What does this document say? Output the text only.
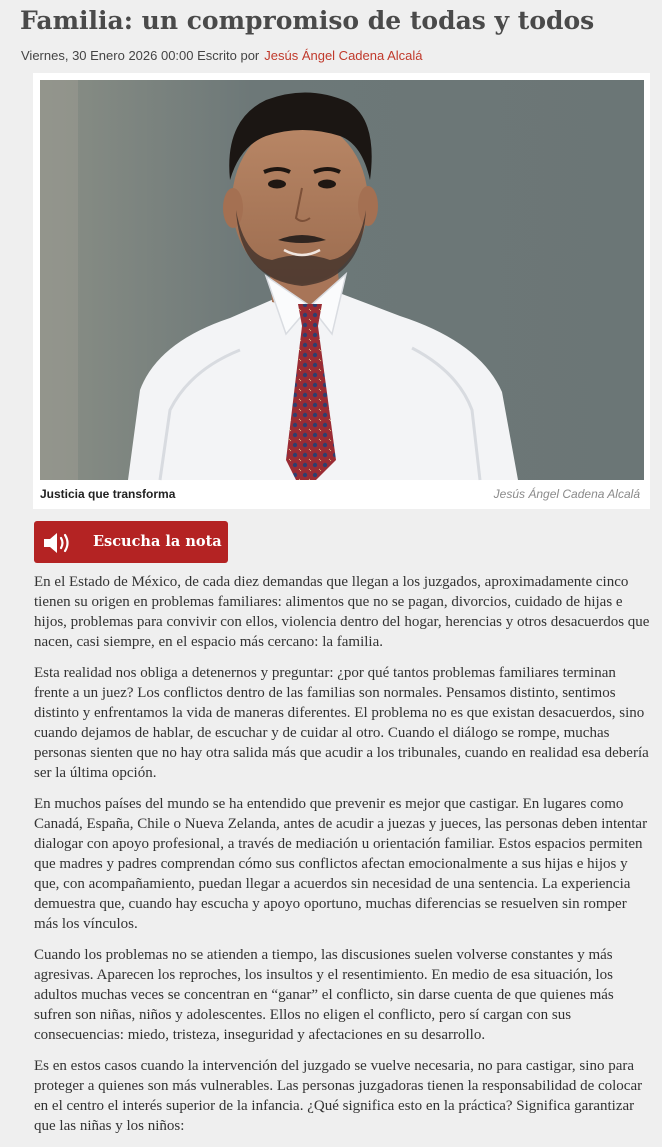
Familia: un compromiso de todas y todos
Viernes, 30 Enero 2026 00:00 Escrito por Jesús Ángel Cadena Alcalá
Justicia que transforma	Jesús Ángel Cadena Alcalá
Escucha la nota

En el Estado de México, de cada diez demandas que llegan a los juzgados, aproximadamente cinco tienen su origen en problemas familiares: alimentos que no se pagan, divorcios, cuidado de hijas e hijos, problemas para convivir con ellos, violencia dentro del hogar, herencias y otros desacuerdos que nacen, casi siempre, en el espacio más cercano: la familia.

Esta realidad nos obliga a detenernos y preguntar: ¿por qué tantos problemas familiares terminan frente a un juez? Los conflictos dentro de las familias son normales. Pensamos distinto, sentimos distinto y enfrentamos la vida de maneras diferentes. El problema no es que existan desacuerdos, sino cuando dejamos de hablar, de escuchar y de cuidar al otro. Cuando el diálogo se rompe, muchas personas sienten que no hay otra salida más que acudir a los tribunales, cuando en realidad esa debería ser la última opción.

En muchos países del mundo se ha entendido que prevenir es mejor que castigar. En lugares como Canadá, España, Chile o Nueva Zelanda, antes de acudir a juezas y jueces, las personas deben intentar dialogar con apoyo profesional, a través de mediación u orientación familiar. Estos espacios permiten que madres y padres comprendan cómo sus conflictos afectan emocionalmente a sus hijas e hijos y que, con acompañamiento, puedan llegar a acuerdos sin necesidad de una sentencia. La experiencia demuestra que, cuando hay escucha y apoyo oportuno, muchas diferencias se resuelven sin romper más los vínculos.

Cuando los problemas no se atienden a tiempo, las discusiones suelen volverse constantes y más agresivas. Aparecen los reproches, los insultos y el resentimiento. En medio de esa situación, los adultos muchas veces se concentran en “ganar” el conflicto, sin darse cuenta de que quienes más sufren son niñas, niños y adolescentes. Ellos no eligen el conflicto, pero sí cargan con sus consecuencias: miedo, tristeza, inseguridad y afectaciones en su desarrollo.

Es en estos casos cuando la intervención del juzgado se vuelve necesaria, no para castigar, sino para proteger a quienes son más vulnerables. Las personas juzgadoras tienen la responsabilidad de colocar en el centro el interés superior de la infancia. ¿Qué significa esto en la práctica? Significa garantizar que las niñas y los niños:
